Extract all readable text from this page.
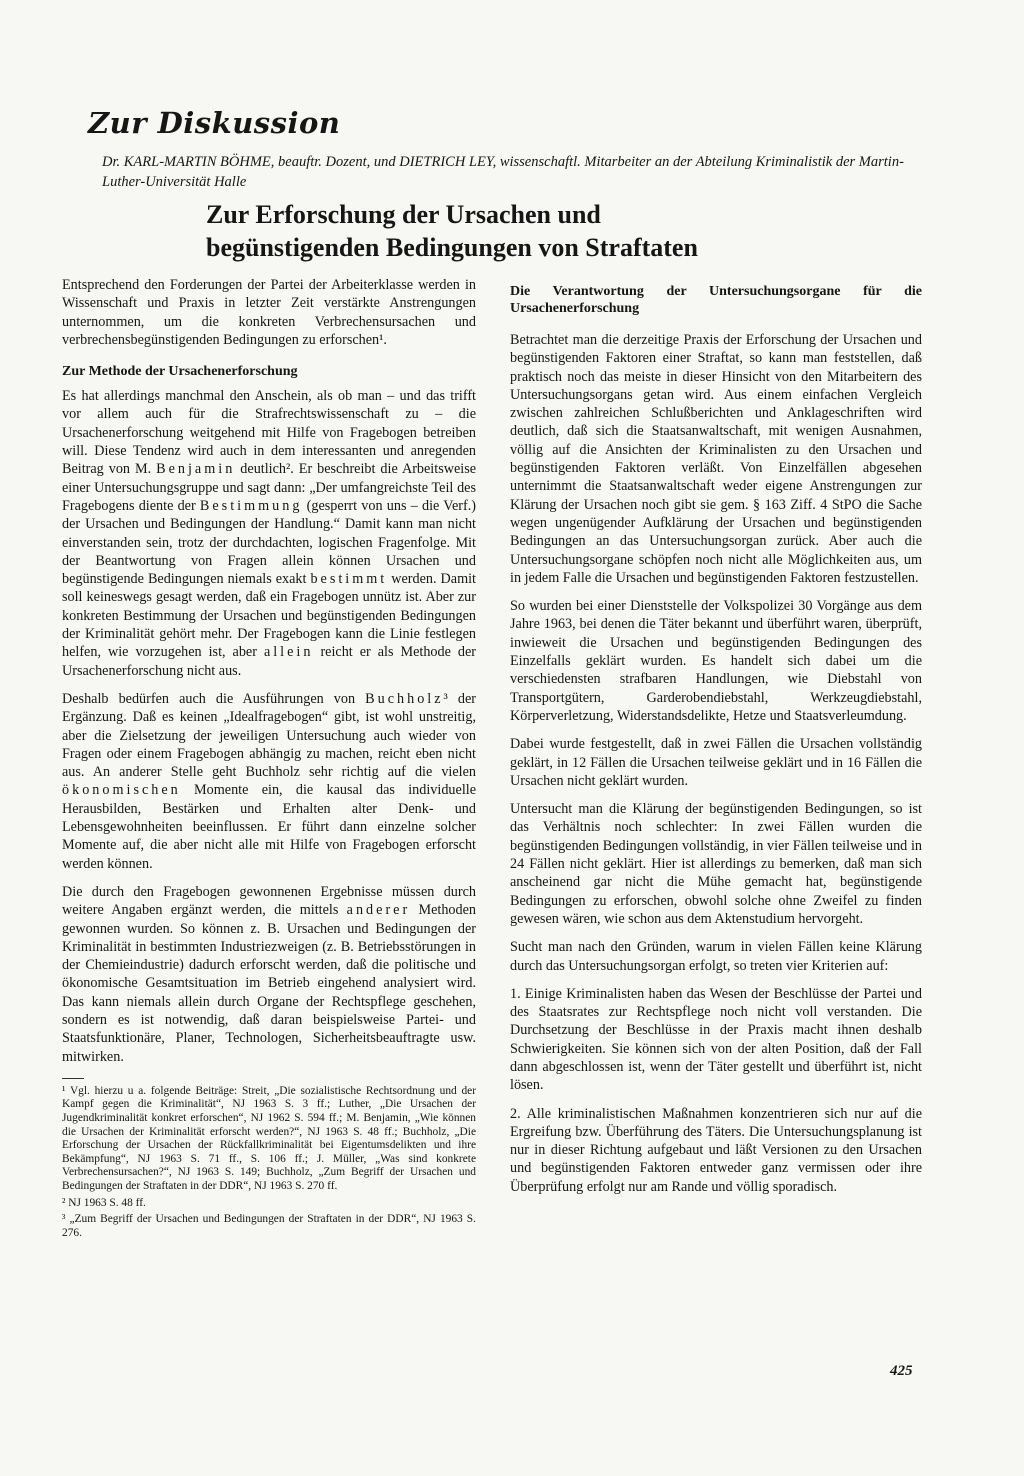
Zur Diskussion
Dr. KARL-MARTIN BÖHME, beauftr. Dozent, und DIETRICH LEY, wissenschaftl. Mitarbeiter an der Abteilung Kriminalistik der Martin-Luther-Universität Halle
Zur Erforschung der Ursachen und
begünstigenden Bedingungen von Straftaten

Entsprechend den Forderungen der Partei der Arbeiterklasse werden in Wissenschaft und Praxis in letzter Zeit verstärkte Anstrengungen unternommen, um die konkreten Verbrechensursachen und verbrechensbegünstigenden Bedingungen zu erforschen¹.

Zur Methode der Ursachenerforschung

Es hat allerdings manchmal den Anschein, als ob man – und das trifft vor allem auch für die Strafrechtswissenschaft zu – die Ursachenerforschung weitgehend mit Hilfe von Fragebogen betreiben will. Diese Tendenz wird auch in dem interessanten und anregenden Beitrag von M. Benjamin deutlich². Er beschreibt die Arbeitsweise einer Untersuchungsgruppe und sagt dann: „Der umfangreichste Teil des Fragebogens diente der Bestimmung (gesperrt von uns – die Verf.) der Ursachen und Bedingungen der Handlung.“ Damit kann man nicht einverstanden sein, trotz der durchdachten, logischen Fragenfolge. Mit der Beantwortung von Fragen allein können Ursachen und begünstigende Bedingungen niemals exakt bestimmt werden. Damit soll keineswegs gesagt werden, daß ein Fragebogen unnütz ist. Aber zur konkreten Bestimmung der Ursachen und begünstigenden Bedingungen der Kriminalität gehört mehr. Der Fragebogen kann die Linie festlegen helfen, wie vorzugehen ist, aber allein reicht er als Methode der Ursachenerforschung nicht aus.

Deshalb bedürfen auch die Ausführungen von Buchholz³ der Ergänzung. Daß es keinen „Idealfragebogen“ gibt, ist wohl unstreitig, aber die Zielsetzung der jeweiligen Untersuchung auch wieder von Fragen oder einem Fragebogen abhängig zu machen, reicht eben nicht aus. An anderer Stelle geht Buchholz sehr richtig auf die vielen ökonomischen Momente ein, die kausal das individuelle Herausbilden, Bestärken und Erhalten alter Denk- und Lebensgewohnheiten beeinflussen. Er führt dann einzelne solcher Momente auf, die aber nicht alle mit Hilfe von Fragebogen erforscht werden können.

Die durch den Fragebogen gewonnenen Ergebnisse müssen durch weitere Angaben ergänzt werden, die mittels anderer Methoden gewonnen wurden. So können z. B. Ursachen und Bedingungen der Kriminalität in bestimmten Industriezweigen (z. B. Betriebsstörungen in der Chemieindustrie) dadurch erforscht werden, daß die politische und ökonomische Gesamtsituation im Betrieb eingehend analysiert wird. Das kann niemals allein durch Organe der Rechtspflege geschehen, sondern es ist notwendig, daß daran beispielsweise Partei- und Staatsfunktionäre, Planer, Technologen, Sicherheitsbeauftragte usw. mitwirken.

¹ Vgl. hierzu u a. folgende Beiträge: Streit, „Die sozialistische Rechtsordnung und der Kampf gegen die Kriminalität“, NJ 1963 S. 3 ff.; Luther, „Die Ursachen der Jugendkriminalität konkret erforschen“, NJ 1962 S. 594 ff.; M. Benjamin, „Wie können die Ursachen der Kriminalität erforscht werden?“, NJ 1963 S. 48 ff.; Buchholz, „Die Erforschung der Ursachen der Rückfallkriminalität bei Eigentumsdelikten und ihre Bekämpfung“, NJ 1963 S. 71 ff., S. 106 ff.; J. Müller, „Was sind konkrete Verbrechensursachen?“, NJ 1963 S. 149; Buchholz, „Zum Begriff der Ursachen und Bedingungen der Straftaten in der DDR“, NJ 1963 S. 270 ff.

² NJ 1963 S. 48 ff.

³ „Zum Begriff der Ursachen und Bedingungen der Straftaten in der DDR“, NJ 1963 S. 276.

Die Verantwortung der Untersuchungsorgane für die Ursachenerforschung

Betrachtet man die derzeitige Praxis der Erforschung der Ursachen und begünstigenden Faktoren einer Straftat, so kann man feststellen, daß praktisch noch das meiste in dieser Hinsicht von den Mitarbeitern des Untersuchungsorgans getan wird. Aus einem einfachen Vergleich zwischen zahlreichen Schlußberichten und Anklageschriften wird deutlich, daß sich die Staatsanwaltschaft, mit wenigen Ausnahmen, völlig auf die Ansichten der Kriminalisten zu den Ursachen und begünstigenden Faktoren verläßt. Von Einzelfällen abgesehen unternimmt die Staatsanwaltschaft weder eigene Anstrengungen zur Klärung der Ursachen noch gibt sie gem. § 163 Ziff. 4 StPO die Sache wegen ungenügender Aufklärung der Ursachen und begünstigenden Bedingungen an das Untersuchungsorgan zurück. Aber auch die Untersuchungsorgane schöpfen noch nicht alle Möglichkeiten aus, um in jedem Falle die Ursachen und begünstigenden Faktoren festzustellen.

So wurden bei einer Dienststelle der Volkspolizei 30 Vorgänge aus dem Jahre 1963, bei denen die Täter bekannt und überführt waren, überprüft, inwieweit die Ursachen und begünstigenden Bedingungen des Einzelfalls geklärt wurden. Es handelt sich dabei um die verschiedensten strafbaren Handlungen, wie Diebstahl von Transportgütern, Garderobendiebstahl, Werkzeugdiebstahl, Körperverletzung, Widerstandsdelikte, Hetze und Staatsverleumdung.

Dabei wurde festgestellt, daß in zwei Fällen die Ursachen vollständig geklärt, in 12 Fällen die Ursachen teilweise geklärt und in 16 Fällen die Ursachen nicht geklärt wurden.

Untersucht man die Klärung der begünstigenden Bedingungen, so ist das Verhältnis noch schlechter: In zwei Fällen wurden die begünstigenden Bedingungen vollständig, in vier Fällen teilweise und in 24 Fällen nicht geklärt. Hier ist allerdings zu bemerken, daß man sich anscheinend gar nicht die Mühe gemacht hat, begünstigende Bedingungen zu erforschen, obwohl solche ohne Zweifel zu finden gewesen wären, wie schon aus dem Aktenstudium hervorgeht.

Sucht man nach den Gründen, warum in vielen Fällen keine Klärung durch das Untersuchungsorgan erfolgt, so treten vier Kriterien auf:

1. Einige Kriminalisten haben das Wesen der Beschlüsse der Partei und des Staatsrates zur Rechtspflege noch nicht voll verstanden. Die Durchsetzung der Beschlüsse in der Praxis macht ihnen deshalb Schwierigkeiten. Sie können sich von der alten Position, daß der Fall dann abgeschlossen ist, wenn der Täter gestellt und überführt ist, nicht lösen.

2. Alle kriminalistischen Maßnahmen konzentrieren sich nur auf die Ergreifung bzw. Überführung des Täters. Die Untersuchungsplanung ist nur in dieser Richtung aufgebaut und läßt Versionen zu den Ursachen und begünstigenden Faktoren entweder ganz vermissen oder ihre Überprüfung erfolgt nur am Rande und völlig sporadisch.

425
